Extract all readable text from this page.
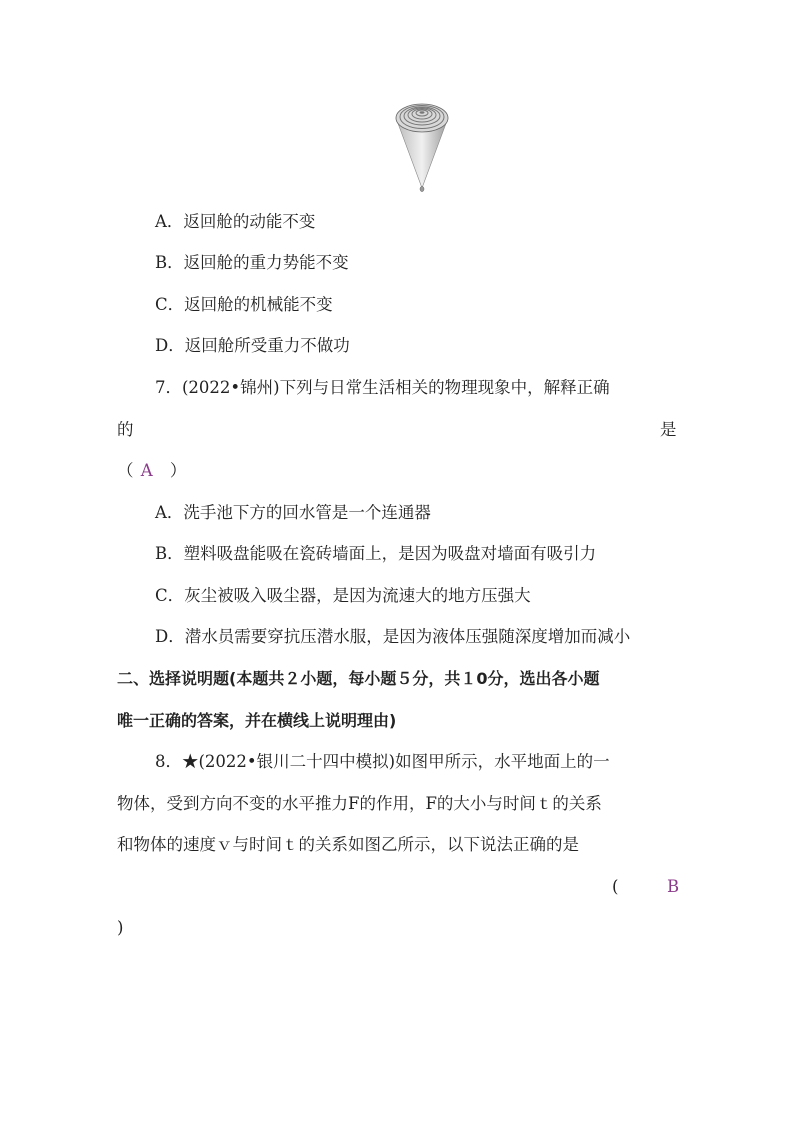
A．返回舱的动能不变
B．返回舱的重力势能不变
C．返回舱的机械能不变
D．返回舱所受重力不做功
7．(2022•锦州)下列与日常生活相关的物理现象中，解释正确
的	是
（ A ）
A．洗手池下方的回水管是一个连通器
B．塑料吸盘能吸在瓷砖墙面上，是因为吸盘对墙面有吸引力
C．灰尘被吸入吸尘器，是因为流速大的地方压强大
D．潜水员需要穿抗压潜水服，是因为液体压强随深度增加而减小
二、选择说明题(本题共２小题，每小题５分，共１0分，选出各小题
唯一正确的答案，并在横线上说明理由)
8．★(2022•银川二十四中模拟)如图甲所示，水平地面上的一
物体，受到方向不变的水平推力F的作用，F的大小与时间ｔ的关系
和物体的速度ｖ与时间ｔ的关系如图乙所示，以下说法正确的是
(	B
)
